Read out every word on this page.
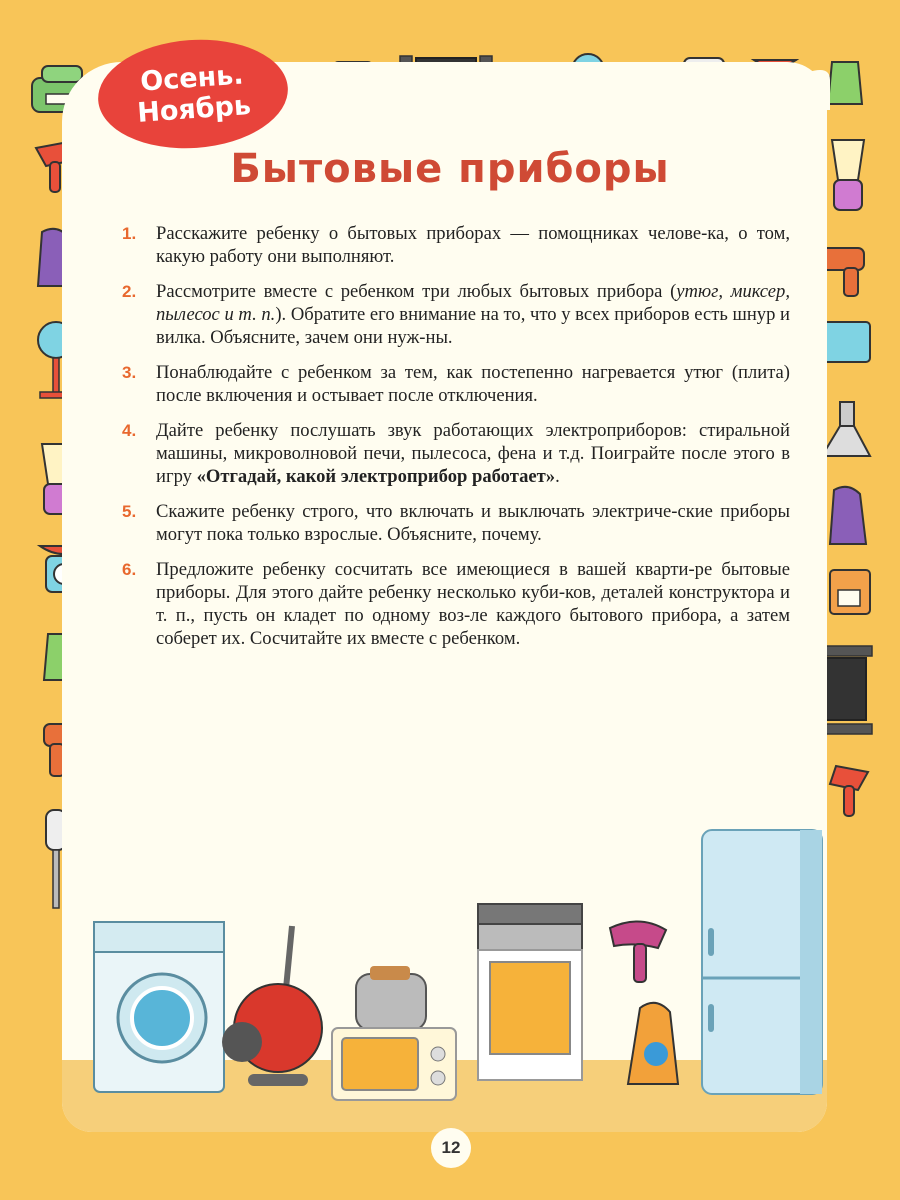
Осень.
Ноябрь
Бытовые приборы
1. Расскажите ребенку о бытовых приборах — помощниках челове-ка, о том, какую работу они выполняют.
2. Рассмотрите вместе с ребенком три любых бытовых прибора (утюг, миксер, пылесос и т. п.). Обратите его внимание на то, что у всех приборов есть шнур и вилка. Объясните, зачем они нуж-ны.
3. Понаблюдайте с ребенком за тем, как постепенно нагревается утюг (плита) после включения и остывает после отключения.
4. Дайте ребенку послушать звук работающих электроприборов: стиральной машины, микроволновой печи, пылесоса, фена и т.д. Поиграйте после этого в игру «Отгадай, какой электроприбор работает».
5. Скажите ребенку строго, что включать и выключать электриче-ские приборы могут пока только взрослые. Объясните, почему.
6. Предложите ребенку сосчитать все имеющиеся в вашей кварти-ре бытовые приборы. Для этого дайте ребенку несколько куби-ков, деталей конструктора и т. п., пусть он кладет по одному воз-ле каждого бытового прибора, а затем соберет их. Сосчитайте их вместе с ребенком.
12
